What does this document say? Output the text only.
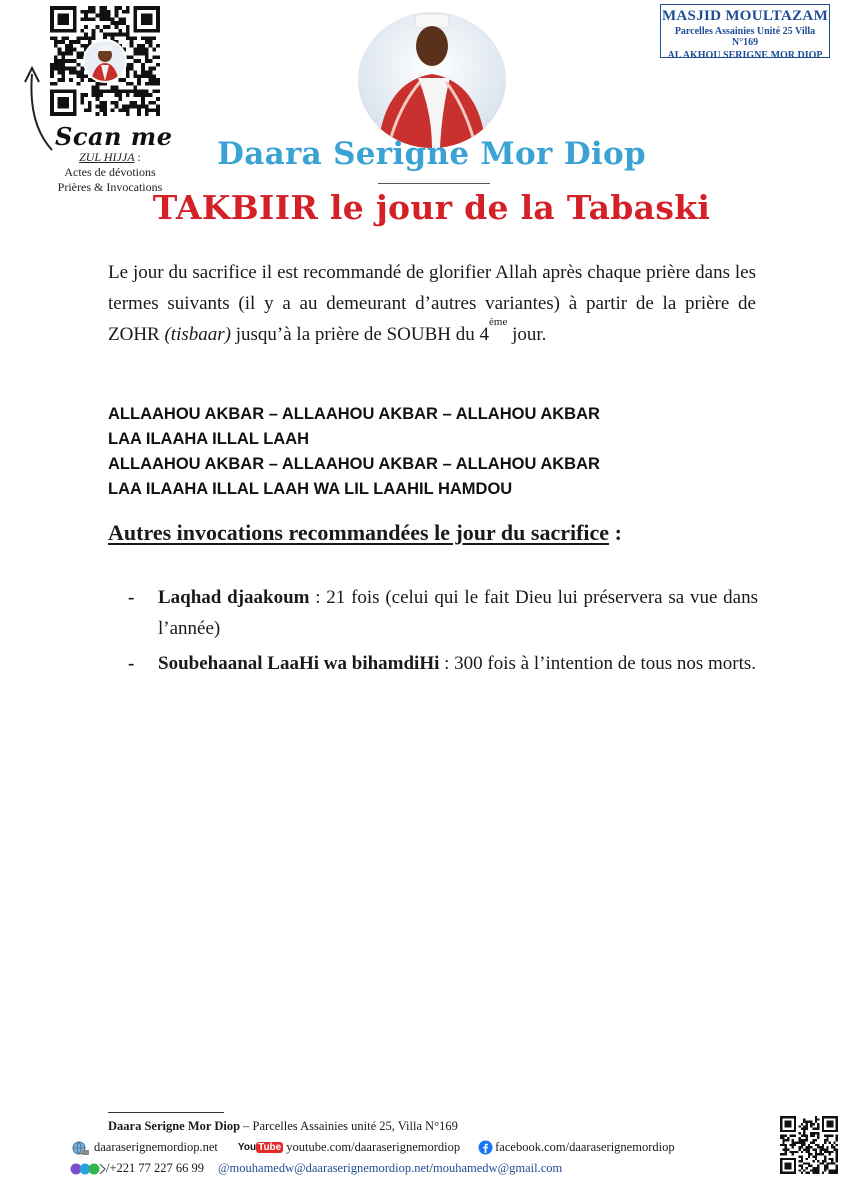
Scan me
ZUL HIJJA :
Actes de dévotions
Prières & Invocations
MASJID MOULTAZAM
Parcelles Assainies Unité 25 Villa N°169
AL AKHOU SERIGNE MOR DIOP
Daara Serigne Mor Diop
TAKBIIR le jour de la Tabaski

Le jour du sacrifice il est recommandé de glorifier Allah après chaque prière dans les termes suivants (il y a au demeurant d’autres variantes) à partir de la prière de ZOHR (tisbaar) jusqu’à la prière de SOUBH du 4ème jour.

ALLAAHOU AKBAR – ALLAAHOU AKBAR – ALLAHOU AKBAR
LAA ILAAHA ILLAL LAAH
ALLAAHOU AKBAR – ALLAAHOU AKBAR – ALLAHOU AKBAR
LAA ILAAHA ILLAL LAAH WA LIL LAAHIL HAMDOU
Autres invocations recommandées le jour du sacrifice :
- Laqhad djaakoum : 21 fois (celui qui le fait Dieu lui préservera sa vue dans l’année)
- Soubehaanal LaaHi wa bihamdiHi : 300 fois à l’intention de tous nos morts.
Daara Serigne Mor Diop – Parcelles Assainies unité 25, Villa N°169
daaraserignemordiop.net You Tube youtube.com/daaraserignemordiop	facebook.com/daaraserignemordiop
/+221 77 227 66 99 @mouhamedw@daaraserignemordiop.net / mouhamedw@gmail.com
